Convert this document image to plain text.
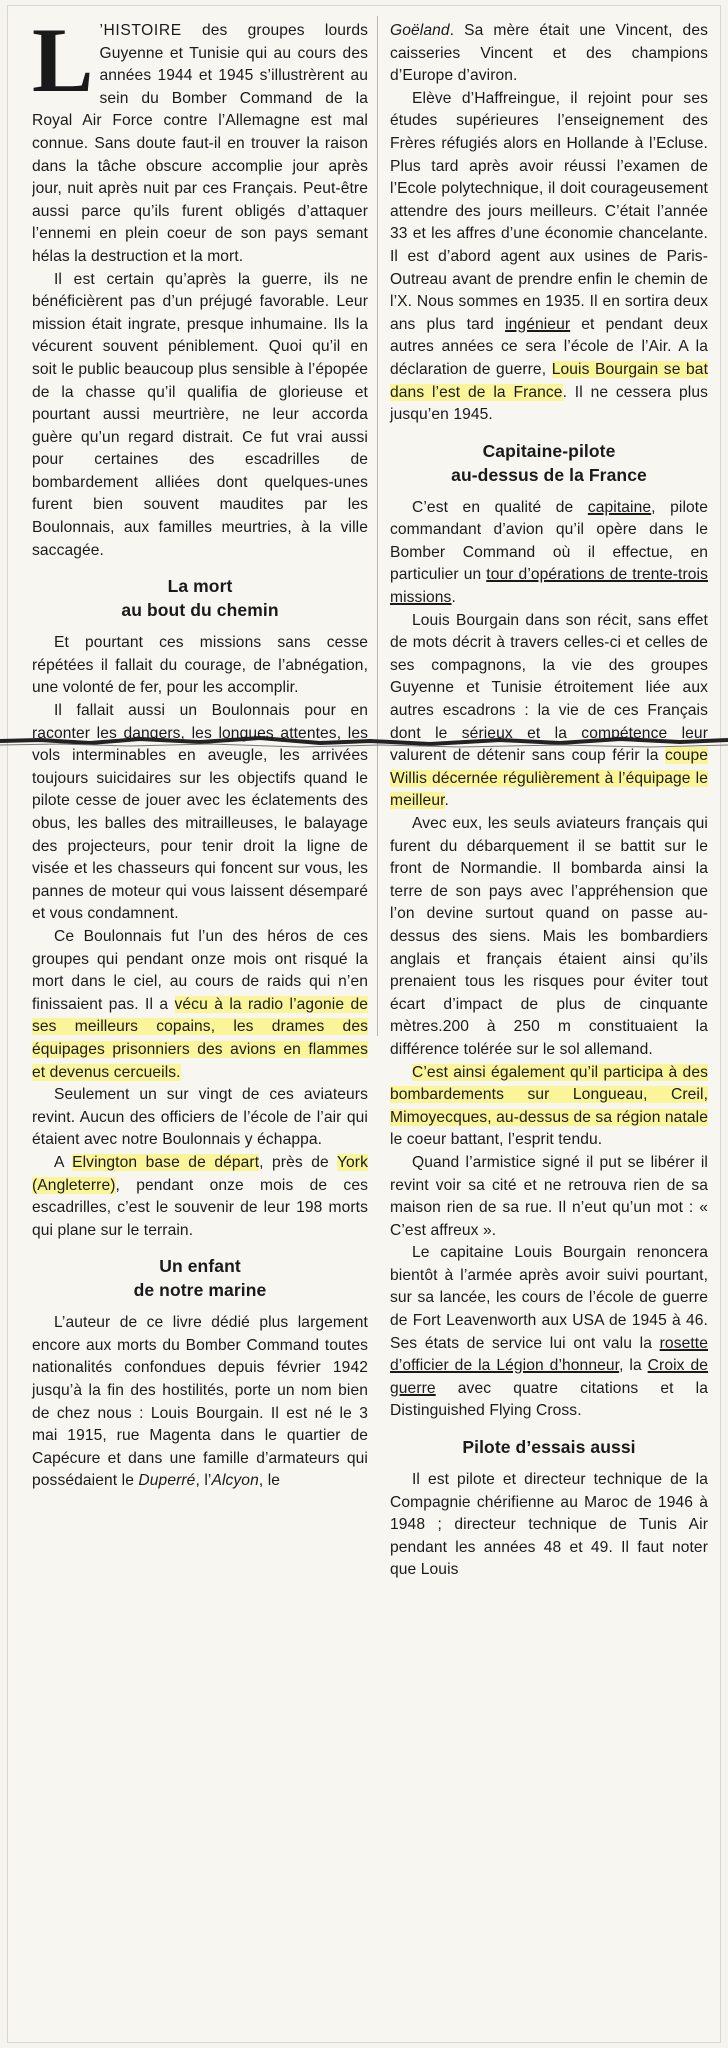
L ’HISTOIRE des groupes lourds Guyenne et Tunisie qui au cours des années 1944 et 1945 s’illustrèrent au sein du Bomber Command de la Royal Air Force contre l’Allemagne est mal connue. Sans doute faut-il en trouver la raison dans la tâche obscure accomplie jour après jour, nuit après nuit par ces Français. Peut-être aussi parce qu’ils furent obligés d’attaquer l’ennemi en plein coeur de son pays semant hélas la destruction et la mort.

Il est certain qu’après la guerre, ils ne bénéficièrent pas d’un préjugé favorable. Leur mission était ingrate, presque inhumaine. Ils la vécurent souvent péniblement. Quoi qu’il en soit le public beaucoup plus sensible à l’épopée de la chasse qu’il qualifia de glorieuse et pourtant aussi meurtrière, ne leur accorda guère qu’un regard distrait. Ce fut vrai aussi pour certaines des escadrilles de bombardement alliées dont quelques-unes furent bien souvent maudites par les Boulonnais, aux familles meurtries, à la ville saccagée.

La mort
au bout du chemin

Et pourtant ces missions sans cesse répétées il fallait du courage, de l’abnégation, une volonté de fer, pour les accomplir.

Il fallait aussi un Boulonnais pour en raconter les dangers, les longues attentes, les vols interminables en aveugle, les arrivées toujours suicidaires sur les objectifs quand le pilote cesse de jouer avec les éclatements des obus, les balles des mitrailleuses, le balayage des projecteurs, pour tenir droit la ligne de visée et les chasseurs qui foncent sur vous, les pannes de moteur qui vous laissent désemparé et vous condamnent.

Ce Boulonnais fut l’un des héros de ces groupes qui pendant onze mois ont risqué la mort dans le ciel, au cours de raids qui n’en finissaient pas. Il a vécu à la radio l’agonie de ses meilleurs copains, les drames des équipages prisonniers des avions en flammes et devenus cercueils.

Seulement un sur vingt de ces aviateurs revint. Aucun des officiers de l’école de l’air qui étaient avec notre Boulonnais y échappa.

A Elvington base de départ, près de York (Angleterre), pendant onze mois de ces escadrilles, c’est le souvenir de leur 198 morts qui plane sur le terrain.

Un enfant
de notre marine

L’auteur de ce livre dédié plus largement encore aux morts du Bomber Command toutes nationalités confondues depuis février 1942 jusqu’à la fin des hostilités, porte un nom bien de chez nous : Louis Bourgain. Il est né le 3 mai 1915, rue Magenta dans le quartier de Capécure et dans une famille d’armateurs qui possédaient le Duperré, l’Alcyon, le

Goëland. Sa mère était une Vincent, des caisseries Vincent et des champions d’Europe d’aviron.

Elève d’Haffreingue, il rejoint pour ses études supérieures l’enseignement des Frères réfugiés alors en Hollande à l’Ecluse. Plus tard après avoir réussi l’examen de l’Ecole polytechnique, il doit courageusement attendre des jours meilleurs. C’était l’année 33 et les affres d’une économie chancelante. Il est d’abord agent aux usines de Paris-Outreau avant de prendre enfin le chemin de l’X. Nous sommes en 1935. Il en sortira deux ans plus tard ingénieur et pendant deux autres années ce sera l’école de l’Air. A la déclaration de guerre, Louis Bourgain se bat dans l’est de la France. Il ne cessera plus jusqu’en 1945.

Capitaine-pilote
au-dessus de la France

C’est en qualité de capitaine, pilote commandant d’avion qu’il opère dans le Bomber Command où il effectue, en particulier un tour d’opérations de trente-trois missions.

Louis Bourgain dans son récit, sans effet de mots décrit à travers celles-ci et celles de ses compagnons, la vie des groupes Guyenne et Tunisie étroitement liée aux autres escadrons : la vie de ces Français dont le sérieux et la compétence leur valurent de détenir sans coup férir la coupe Willis décernée régulièrement à l’équipage le meilleur.

Avec eux, les seuls aviateurs français qui furent du débarquement il se battit sur le front de Normandie. Il bombarda ainsi la terre de son pays avec l’appréhension que l’on devine surtout quand on passe au-dessus des siens. Mais les bombardiers anglais et français étaient ainsi qu’ils prenaient tous les risques pour éviter tout écart d’impact de plus de cinquante mètres.200 à 250 m constituaient la différence tolérée sur le sol allemand.

C’est ainsi également qu’il participa à des bombardements sur Longueau, Creil, Mimoyecques, au-dessus de sa région natale le coeur battant, l’esprit tendu.

Quand l’armistice signé il put se libérer il revint voir sa cité et ne retrouva rien de sa maison rien de sa rue. Il n’eut qu’un mot : « C’est affreux ».

Le capitaine Louis Bourgain renoncera bientôt à l’armée après avoir suivi pourtant, sur sa lancée, les cours de l’école de guerre de Fort Leavenworth aux USA de 1945 à 46. Ses états de service lui ont valu la rosette d’officier de la Légion d’honneur, la Croix de guerre avec quatre citations et la Distinguished Flying Cross.

Pilote d’essais aussi

Il est pilote et directeur technique de la Compagnie chérifienne au Maroc de 1946 à 1948 ; directeur technique de Tunis Air pendant les années 48 et 49. Il faut noter que Louis
